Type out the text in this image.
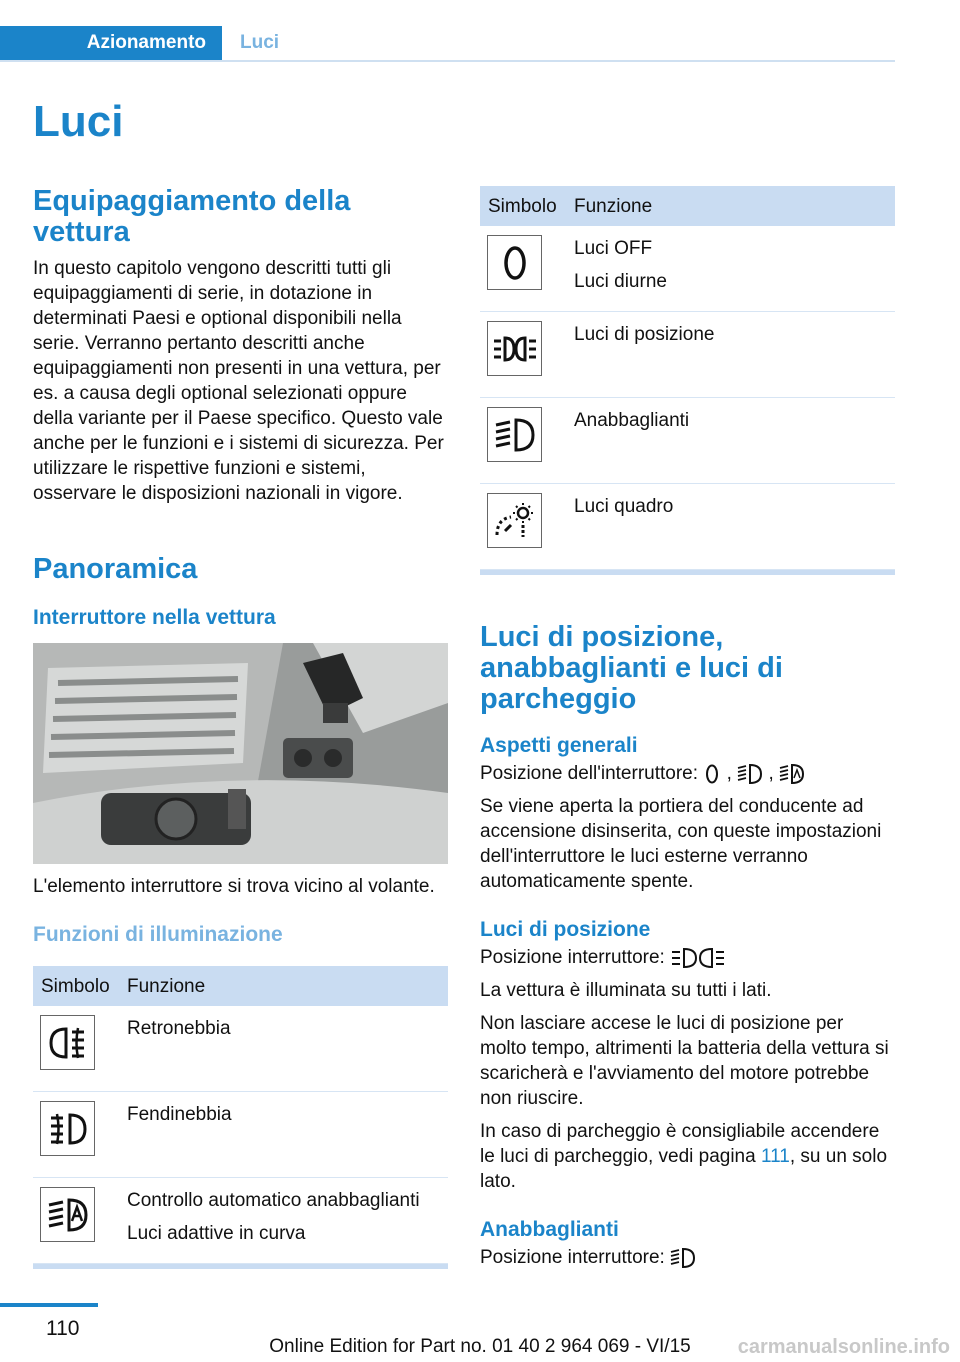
Azionamento	Luci
Luci
Equipaggiamento della vettura

In questo capitolo vengono descritti tutti gli equipaggiamenti di serie, in dotazione in determinati Paesi e optional disponibili nella serie. Verranno pertanto descritti anche equipaggiamenti non presenti in una vettura, per es. a causa degli optional selezionati oppure della variante per il Paese specifico. Questo vale anche per le funzioni e i sistemi di sicurezza. Per utilizzare le rispettive funzioni e sistemi, osservare le disposizioni nazionali in vigore.

Panoramica
Interruttore nella vettura

L'elemento interruttore si trova vicino al volante.

Funzioni di illuminazione
Simbolo	Funzione

Retronebbia

Fendinebbia

Controllo automatico anabbaglianti
Luci adattive in curva
Simbolo	Funzione

Luci OFF
Luci diurne

Luci di posizione

Anabbaglianti

Luci quadro
Luci di posizione, anabbaglianti e luci di parcheggio
Aspetti generali

Posizione dell'interruttore: , ,

Se viene aperta la portiera del conducente ad accensione disinserita, con queste impostazioni dell'interruttore le luci esterne verranno automaticamente spente.

Luci di posizione

Posizione interruttore:

La vettura è illuminata su tutti i lati.

Non lasciare accese le luci di posizione per molto tempo, altrimenti la batteria della vettura si scaricherà e l'avviamento del motore potrebbe non riuscire.

In caso di parcheggio è consigliabile accendere le luci di parcheggio, vedi pagina 111, su un solo lato.

Anabbaglianti

Posizione interruttore:

110
Online Edition for Part no. 01 40 2 964 069 - VI/15	carmanualsonline.info
